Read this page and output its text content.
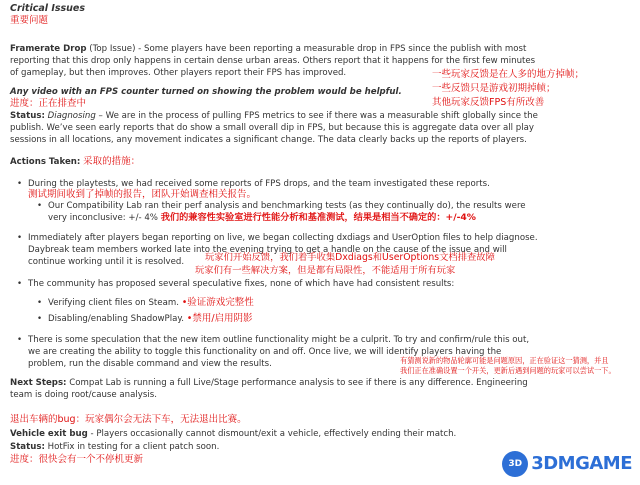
Critical Issues
重要问题
Framerate Drop (Top Issue) - Some players have been reporting a measurable drop in FPS since the publish with most
reporting that this drop only happens in certain dense urban areas. Others report that it happens for the first few minutes
of gameplay, but then improves. Other players report their FPS has improved.	一些玩家反馈是在人多的地方掉帧；
一些反馈只是游戏初期掉帧；
其他玩家反馈FPS有所改善
Any video with an FPS counter turned on showing the problem would be helpful.
进度：正在排查中
Status: Diagnosing – We are in the process of pulling FPS metrics to see if there was a measurable shift globally since the
publish. We’ve seen early reports that do show a small overall dip in FPS, but because this is aggregate data over all play
sessions in all locations, any movement indicates a significant change. The data clearly backs up the reports of players.
Actions Taken: 采取的措施：
• During the playtests, we had received some reports of FPS drops, and the team investigated these reports.
测试期间收到了掉帧的报告，团队开始调查相关报告。
• Our Compatibility Lab ran their perf analysis and benchmarking tests (as they continually do), the results were
very inconclusive: +/- 4% 我们的兼容性实验室进行性能分析和基准测试，结果是相当不确定的：+/-4%
• Immediately after players began reporting on live, we began collecting dxdiags and UserOption files to help diagnose.
Daybreak team members worked late into the evening trying to get a handle on the cause of the issue and will
continue working until it is resolved. 玩家们开始反馈，我们着手收集Dxdiags和UserOptions文档排查故障
玩家们有一些解决方案，但是都有局限性，不能适用于所有玩家
• The community has proposed several speculative fixes, none of which have had consistent results:
• Verifying client files on Steam. •验证游戏完整性
• Disabling/enabling ShadowPlay. •禁用/启用阴影
• There is some speculation that the new item outline functionality might be a culprit. To try and confirm/rule this out,
we are creating the ability to toggle this functionality on and off. Once live, we will identify players having the
problem, run the disable command and view the results.	有猜测说新的物品轮廓可能是问题原因，正在验证这一猜测，并且
我们正在准确设置一个开关，更新后遇到问题的玩家可以尝试一下。
Next Steps: Compat Lab is running a full Live/Stage performance analysis to see if there is any difference. Engineering
team is doing root/cause analysis.
退出车辆的bug：玩家偶尔会无法下车，无法退出比赛。
Vehicle exit bug - Players occasionally cannot dismount/exit a vehicle, effectively ending their match.
Status: HotFix in testing for a client patch soon.
进度：很快会有一个不停机更新	3D 3DMGAME
